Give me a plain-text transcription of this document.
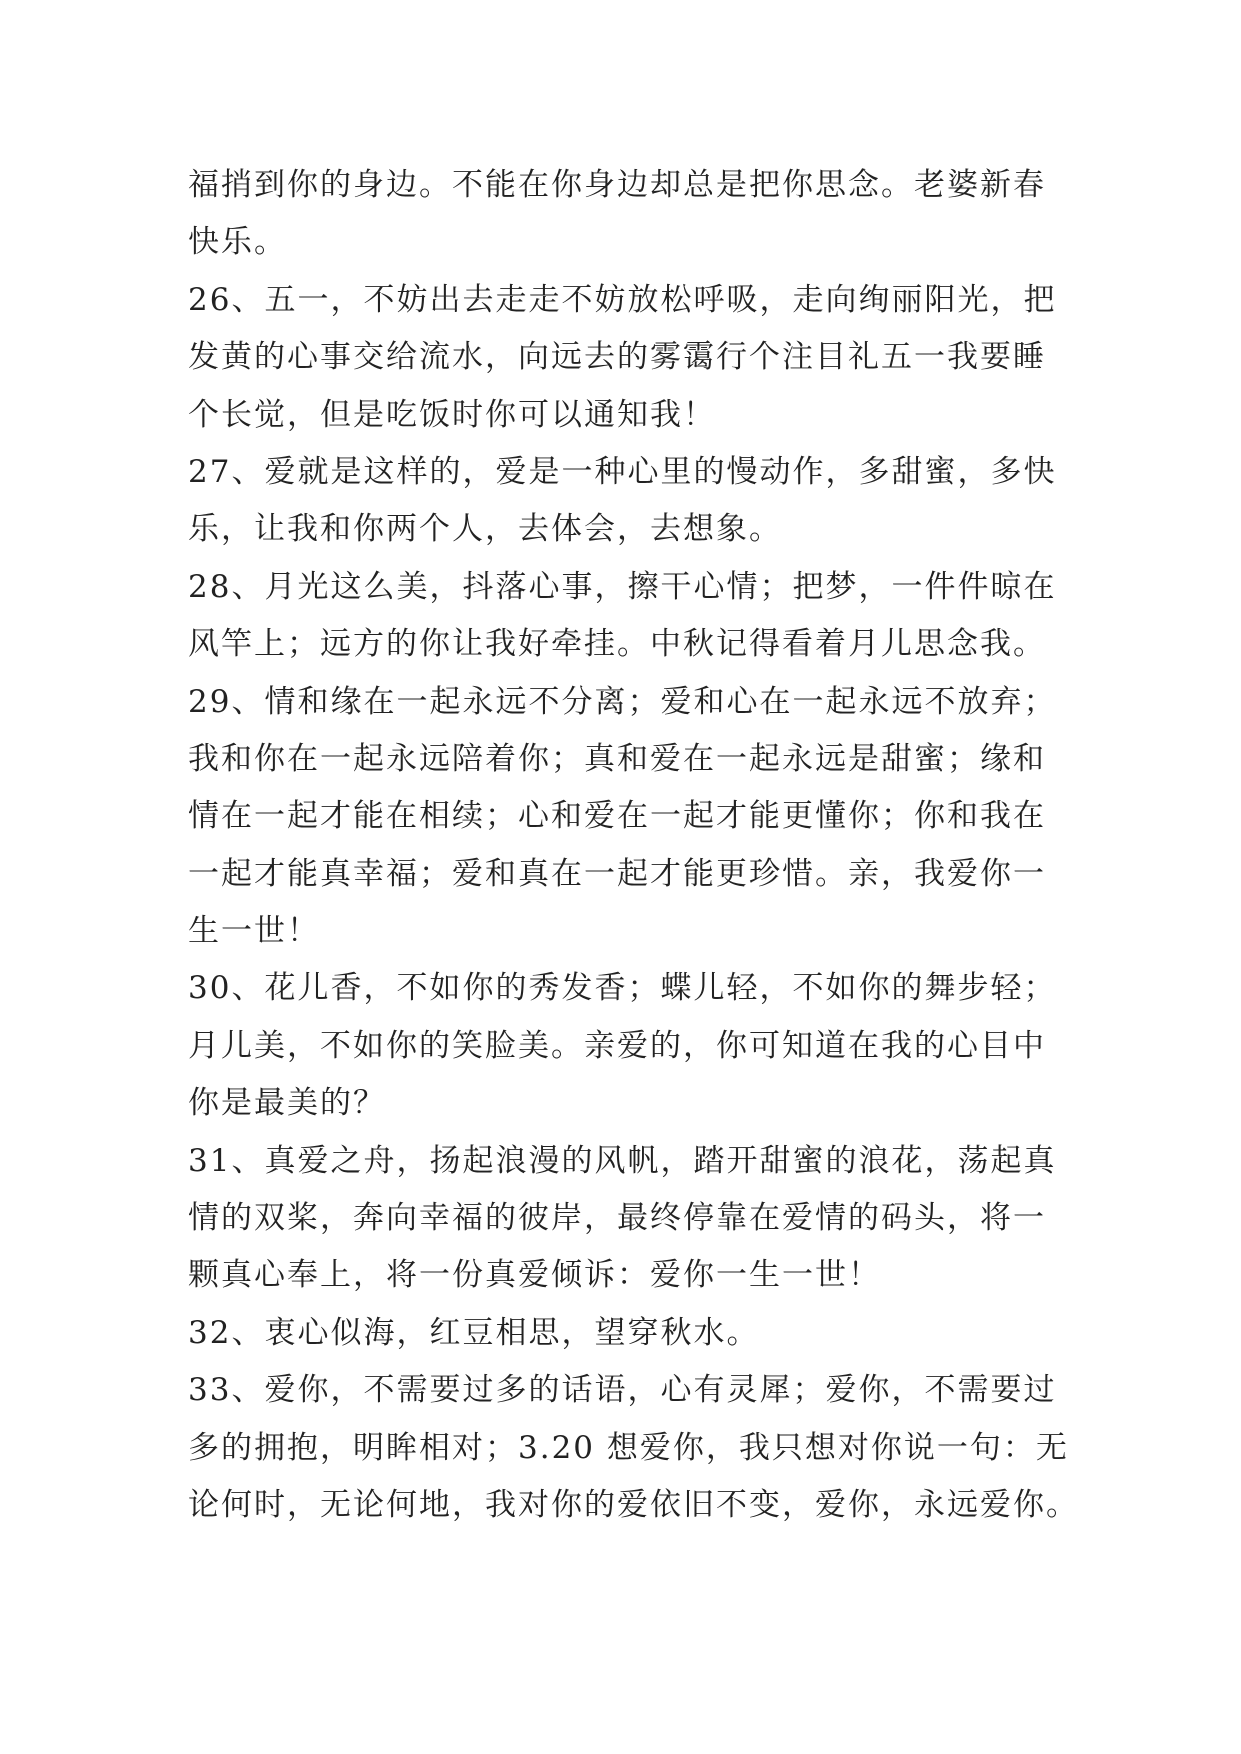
福捎到你的身边。不能在你身边却总是把你思念。老婆新春
快乐。
26、五一，不妨出去走走不妨放松呼吸，走向绚丽阳光，把
发黄的心事交给流水，向远去的雾霭行个注目礼五一我要睡
个长觉，但是吃饭时你可以通知我！
27、爱就是这样的，爱是一种心里的慢动作，多甜蜜，多快
乐，让我和你两个人，去体会，去想象。
28、月光这么美，抖落心事，擦干心情；把梦，一件件晾在
风竿上；远方的你让我好牵挂。中秋记得看着月儿思念我。
29、情和缘在一起永远不分离；爱和心在一起永远不放弃；
我和你在一起永远陪着你；真和爱在一起永远是甜蜜；缘和
情在一起才能在相续；心和爱在一起才能更懂你；你和我在
一起才能真幸福；爱和真在一起才能更珍惜。亲，我爱你一
生一世！
30、花儿香，不如你的秀发香；蝶儿轻，不如你的舞步轻；
月儿美，不如你的笑脸美。亲爱的，你可知道在我的心目中
你是最美的？
31、真爱之舟，扬起浪漫的风帆，踏开甜蜜的浪花，荡起真
情的双桨，奔向幸福的彼岸，最终停靠在爱情的码头，将一
颗真心奉上，将一份真爱倾诉：爱你一生一世！
32、衷心似海，红豆相思，望穿秋水。
33、爱你，不需要过多的话语，心有灵犀；爱你，不需要过
多的拥抱，明眸相对；3.20 想爱你，我只想对你说一句：无
论何时，无论何地，我对你的爱依旧不变，爱你，永远爱你。
